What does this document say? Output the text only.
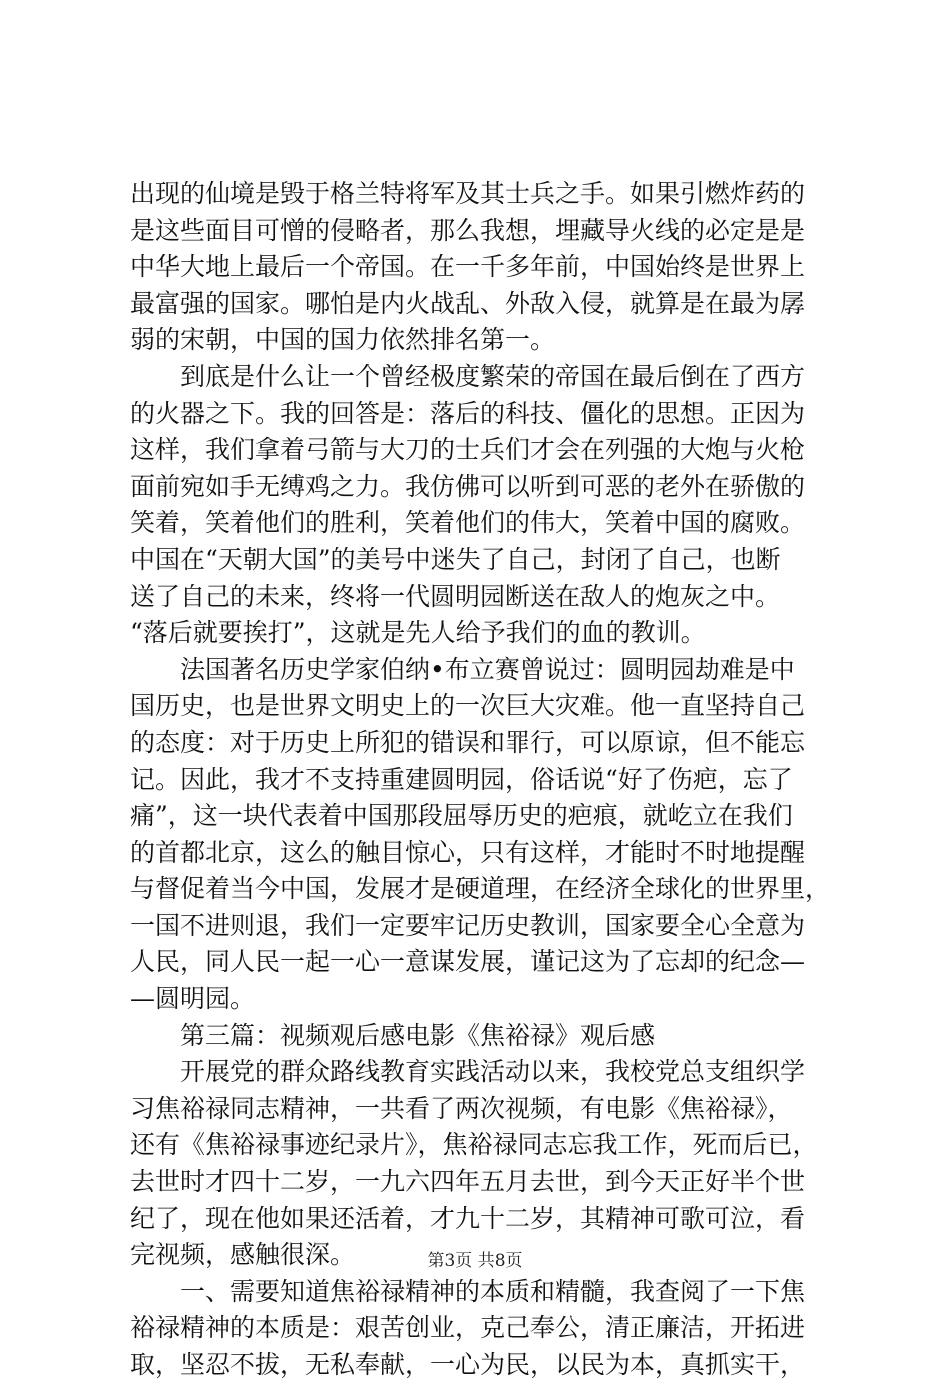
出现的仙境是毁于格兰特将军及其士兵之手。如果引燃炸药的
是这些面目可憎的侵略者，那么我想，埋藏导火线的必定是是
中华大地上最后一个帝国。在一千多年前，中国始终是世界上
最富强的国家。哪怕是内火战乱、外敌入侵，就算是在最为孱
弱的宋朝，中国的国力依然排名第一。
到底是什么让一个曾经极度繁荣的帝国在最后倒在了西方
的火器之下。我的回答是：落后的科技、僵化的思想。正因为
这样，我们拿着弓箭与大刀的士兵们才会在列强的大炮与火枪
面前宛如手无缚鸡之力。我仿佛可以听到可恶的老外在骄傲的
笑着，笑着他们的胜利，笑着他们的伟大，笑着中国的腐败。
中国在“天朝大国”的美号中迷失了自己，封闭了自己，也断
送了自己的未来，终将一代圆明园断送在敌人的炮灰之中。
“落后就要挨打”，这就是先人给予我们的血的教训。
法国著名历史学家伯纳•布立赛曾说过：圆明园劫难是中
国历史，也是世界文明史上的一次巨大灾难。他一直坚持自己
的态度：对于历史上所犯的错误和罪行，可以原谅，但不能忘
记。因此，我才不支持重建圆明园，俗话说“好了伤疤，忘了
痛”，这一块代表着中国那段屈辱历史的疤痕，就屹立在我们
的首都北京，这么的触目惊心，只有这样，才能时不时地提醒
与督促着当今中国，发展才是硬道理，在经济全球化的世界里，
一国不进则退，我们一定要牢记历史教训，国家要全心全意为
人民，同人民一起一心一意谋发展，谨记这为了忘却的纪念—
—圆明园。
第三篇：视频观后感电影《焦裕禄》观后感
开展党的群众路线教育实践活动以来，我校党总支组织学
习焦裕禄同志精神，一共看了两次视频，有电影《焦裕禄》，
还有《焦裕禄事迹纪录片》，焦裕禄同志忘我工作，死而后已，
去世时才四十二岁，一九六四年五月去世，到今天正好半个世
纪了，现在他如果还活着，才九十二岁，其精神可歌可泣，看
完视频，感触很深。
一、需要知道焦裕禄精神的本质和精髓，我查阅了一下焦
裕禄精神的本质是：艰苦创业，克己奉公，清正廉洁，开拓进
取，坚忍不拔，无私奉献，一心为民，以民为本，真抓实干，
第3页 共8页
